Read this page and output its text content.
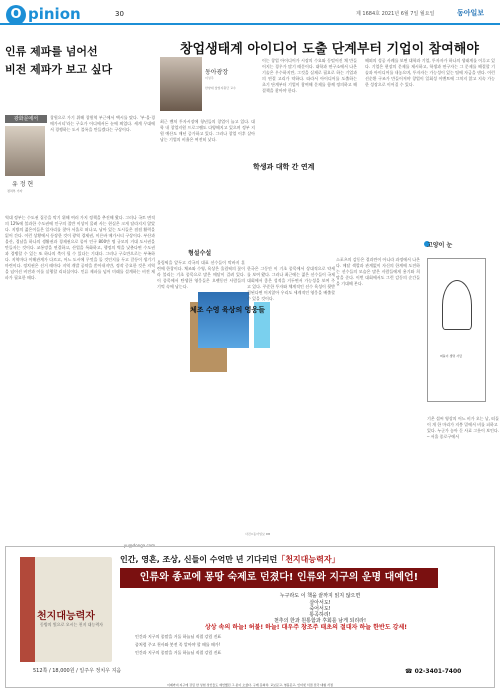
O pinion	30	제 1684호 2021년 6월 7일 월요일	동아일보
인류 제파를 넘어선
비전 제파가 보고 싶다
광화문에서
유 정 현
정치부 기자
창원으로 가기 위해 창원역 부근에서 택시를 탔다. '부·울·경 메가시티'라는 구호가 어디에서든 눈에 띄었다. 세계 무대에서 경쟁하는 도시 블록을 만들겠다는 구상이다.
역대 정부는 수도권 집중을 막기 위해 여러 가지 정책을 추진해 왔다. 그러나 국토 면적의 12%에 불과한 수도권에 인구의 절반 이상이 몰려 사는 현실은 크게 달라지지 않았다. 지방의 젊은이들은 일자리를 찾아 서울로 떠나고, 남아 있는 도시들은 점점 활력을 잃어 간다. 이런 상황에서 등장한 것이 광역 경제권, 이른바 메가시티 구상이다. 부산과 울산, 경남을 하나의 생활권과 경제권으로 묶어 인구 800만 명 규모의 거대 도시권을 만들자는 것이다. 교통망을 연결하고, 산업을 특화하고, 행정의 벽을 낮춘다면 수도권과 경쟁할 수 있는 또 하나의 축이 될 수 있다는 기대다. 그러나 구호만으로는 부족하다. 지역마다 이해관계가 다르고, 어느 도시에 무엇을 둘 것인지를 두고 갈등이 생기기 마련이다. 정치권은 선거 때마다 지역 개발 공약을 쏟아내지만, 정작 중요한 것은 지역을 넘어선 비전과 이를 실행할 리더십이다. 인류 제파를 넘어 미래를 설계하는 비전 제파가 필요한 때다.
yu@donga.com
창업생태계 아이디어 도출 단계부터 기업이 참여해야
동아광장
이성주
한양대 창업지원단 교수
최근 벤처 투자시장에 청년들의 창업이 늘고 있다. 대학 내 창업지원 프로그램도 다양해지고 있으며 정부 지원 예산도 매년 증가하고 있다. 그러나 창업 이후 살아남는 기업의 비율은 여전히 낮다.
이는 창업 아이디어가 시장의 수요와 동떨어진 채 만들어지는 경우가 많기 때문이다. 대학과 연구소에서 나온 기술은 우수하지만, 그것을 실제로 필요로 하는 기업과의 연결 고리가 약하다. 따라서 아이디어를 도출하는 초기 단계부터 기업이 참여해 문제를 함께 정의하고 해결책을 찾아야 한다.
학생과 대학 간 연계
해외의 성공 사례를 보면 대학과 기업, 투자자가 하나의 생태계를 이루고 있다. 기업은 현장의 문제를 제시하고, 학생과 연구자는 그 문제를 해결할 기술과 아이디어를 내놓으며, 투자자는 가능성이 있는 팀에 자금을 댄다. 이런 선순환 구조가 만들어져야 창업이 일회성 이벤트에 그치지 않고 지속 가능한 성장으로 이어질 수 있다.
형설수설
올림픽을 앞두고 각국의 대표 선수들이 막바지 훈련에 한창이다. 체조와 수영, 육상은 올림픽의 꽃이라 불리는 기초 종목으로 많은 메달이 걸려 있다. 이 종목에서 탄생한 영웅들은 오랫동안 사람들의 기억 속에 남는다.
체조 수영 육상의 영웅들
한국은 그동안 이 기초 종목에서 상대적으로 약세를 보여 왔다. 그러나 최근에는 젊은 선수들이 국제 대회에서 좋은 성적을 거두면서 가능성을 보여 주고 있다. 꾸준한 투자와 체계적인 선수 육성이 뒷받침된다면 머지않아 우리도 세계적인 영웅을 배출할 수 있을 것이다.
스포츠의 감동은 결과만이 아니라 과정에서 나온다. 메달 색깔과 관계없이 자신의 한계에 도전하는 선수들의 모습은 많은 사람들에게 용기와 희망을 준다. 이번 대회에서도 그런 감동의 순간들을 기대해 본다.
사진=동아일보 DB
고양이 눈
떠돌이 생명 사랑
기온 섭씨 영상의 어느 비가 오는 날, 떠돌이 개 한 마리가 지붕 밑에서 비를 피하고 있다. 누군가 놓아 둔 사료 그릇이 보인다. ─ 서울 종로구에서
천지대능력자
동방의 빛으로 오시는 천지 대능력자
512쪽 / 18,000원 / 일주우 정치우 지음
인간, 영혼, 조상, 신들이 수억만 년 기다리던「천지대능력자」
인류와 종교에 몽땅 숙제로 던졌다! 인류와 지구의 운명 대예언!
누구라도 이 책을 끝까지 읽지 않으면
살아서도!
죽어서도!
통곡하리!
천추의 한과 원통함과 후회를 남게 되리라!
상상 속의 하늘! 허불! 하늘! 대우주 창조주 태초의 절대자 하늘 한반도 강세!
인간과 지구의 종말을 거둘 하늘님 직접 강림 진표
좀처럼 주고 천사와 봇전 꼭 알아야 할 때를 때가!
인간과 지구의 종말을 거둘 하늘님 직접 강림 진표
☎ 02-3401-7400
이제까지 지구에 강림 한 성현 성인들도 예언했던 그 분이 오셨다. 구매 문의처: 교보문고, 영풍문고, 인터넷 서점 전국 대형 서점
